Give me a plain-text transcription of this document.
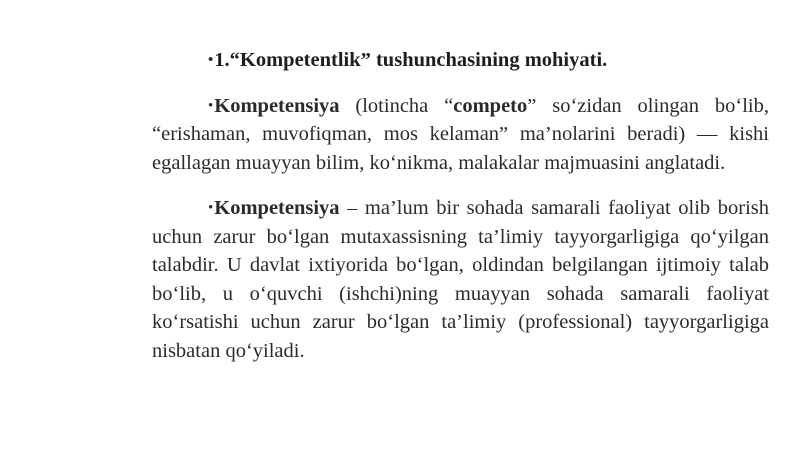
•1.“Kompetentlik” tushunchasining mohiyati.

•Kompetensiya (lotincha “competo” so‘zidan olingan bo‘lib, “erishaman, muvofiqman, mos kelaman” ma’nolarini beradi) — kishi egallagan muayyan bilim, ko‘nikma, malakalar majmuasini anglatadi.

•Kompetensiya – ma’lum bir sohada samarali faoliyat olib borish uchun zarur bo‘lgan mutaxassisning ta’limiy tayyorgarligiga qo‘yilgan talabdir. U davlat ixtiyorida bo‘lgan, oldindan belgilangan ijtimoiy talab bo‘lib, u o‘quvchi (ishchi)ning muayyan sohada samarali faoliyat ko‘rsatishi uchun zarur bo‘lgan ta’limiy (professional) tayyorgarligiga nisbatan qo‘yiladi.
